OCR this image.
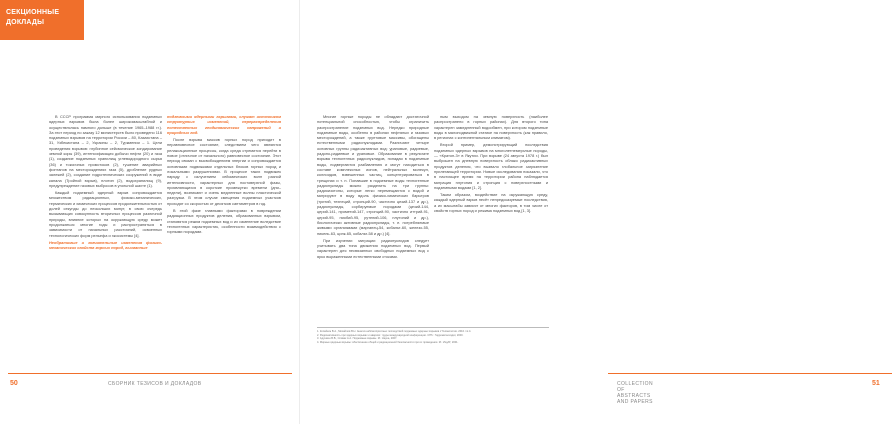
СЕКЦИОННЫЕ
ДОКЛАДЫ

В СССР программа мирного использования подземных ядерных взрывов была более широкомасштабной и осуществлялась намного дольше (в течение 1965–1988 гг.). За этот период по заказу 12 министерств было проведено 116 подземных взрывов на территории России – 80, Казахстана – 31, Узбекистана – 2, Украины – 2, Туркмении – 1. Цели проведения взрывов: глубинное сейсмическое зондирование земной коры (39), интенсификация добычи нефти (20) и газа (1), создание подземных хранилищ углеводородного сырья (36) и токсичных промстоков (2), тушение аварийных фонтанов на месторождениях газа (5), дробление рудных залежей (2), создание гидротехнических сооружений в виде канала (Тройной взрыв), плотин (2), водохранилищ (9), предупреждение газовых выбросов в угольной шахте (1).

Каждый подземный ядерный взрыв сопровождается множеством радиационных, физико-механических, термических и химических процессов продолжительностью от долей секунды до нескольких минут, в свою очередь вызывающих совокупность вторичных процессов различной природы, влияние которых на окружающую среду может продолжаться многие годы и распространяться в зависимости от начальных расстояний, освоенных технологических форм рельефа и экосистемы [4].

Необратимые и значительные изменения физико-механических свойств горных пород, вызванные

подземными ядерными взрывами, служат источником структурных изменений, перераспределения естественных геодинамических напряжений и природных вод.

После взрыва массив горных пород приходит в неравновесное состояние, следствием чего являются релаксационные процессы, когда среда стремится перейти в новое (отличное от начального) равновесное состояние. Этот период связан с высвобождением энергии и сопровождается основными подвижками отдельных блоков горных пород и локальными разрушениями. В процессе таких подвижек наряду с излучением сейсмических волн разной интенсивности, характерных для постоверхной фазы, проявляющихся в короткие промежутки времени (дни–недели), возникают и очень медленные волны пластической разгрузки. В этом случае смещения подземных участков проходят со скоростью от десятков сантиметров в год.

В этой фазе главными факторами в повреждении радиационных продуктов деления, образованных взрывом, становятся режим подземных вод и их изменение вследствие техногенных характеристик, особенности взаимодействия с горными породами.

50	СБОРНИК ТЕЗИСОВ И ДОКЛАДОВ	COLLECTION OF ABSTRACTS AND PAPERS
51

Многие горные породы не обладают достаточной потенциальной способностью, чтобы ограничить распространение подземных вод. Нередко природные подземные воды, особенно в районах нефтяных и газовых месторождений, а также грунтовые массивы, обогащены естественными радионуклидами. Различают четыре основных группы радиоактивных вод: урановые, радиевые, радоно-радиевые и урановые. Образование в результате взрыва техногенных радионуклидов, попадая в подземные воды, подвергаются разбавлению и могут находиться в составе комплексных ионов, нейтральных молекул, коллоидов, взвешенных частиц, концентрироваться в трещинах и т. п. Попавшие в подземные воды техногенные радионуклиды можно разделить на три группы: радиоизотопы, которые легко перемещаются с водой и мигрируют в воду вдоль физико-химических барьеров (тритий, технеций, стронций-90, частично цезий-137 и др.), радионуклиды, сорбируемые породами (цезий-144, церий-141, прометий-147, стронций-90, частично иттрий-91, церий-95, ниобий-95, рутений-106, плутоний и др.), биологически активные радионуклиды, т. е. потребляемые живыми организмами (марганец-54, кобальт-60, железо-55, никель-63, цинк-65, кобальт-58 и др.) [4].

При изучении миграции радионуклидов следует учитывать два типа движения подземных вод. Первый характерен для несвязанных свободных подземных вод с ярко выраженными естественными стоками.

ным выходом на земную поверхность (наиболее распространено в горных районах). Для второго типа характерен замедленный водообмен, при котором подземные воды в малоподвижной статике на поверхность (как правило, в регионах с континентальным климатом).

Второй пример, демонстрирующий последствия подземных ядерных взрывов на многолетнемерзлые породы, — «Кратон-3» в Якутии. При взрыве (24 августа 1978 г.) был выброшен на дневную поверхность облако радиоактивных продуктов деления, что вызвало глобальное загрязнение прилегающей территории. Новые исследования показали, что в настоящее время на территории района наблюдается миграция плутония и стронция с поверхностными и подземными водами [1, 2].

Таким образом, воздействие на окружающую среду, каждый ядерный взрыв несёт непредсказуемые последствия, а их масштабы зависят от многих факторов, в том числе от свойств горных пород и режима подземных вод [1, 3].

1. Копейкин В.А., Михайлов В.Н. Анализ неблагоприятных последствий подземных ядерных взрывов // Геоэкология. 2010. № 4.
2. Радиоактивность при ядерных взрывах и авариях: труды международной конференции. СПб.: Гидрометеоиздат, 2000.
3. Адушкин В.В., Спивак А.А. Подземные взрывы. М.: Наука, 2007.
4. Мирные ядерные взрывы: обеспечение общей и радиационной безопасности при их проведении. М.: ИздАТ, 2001.
